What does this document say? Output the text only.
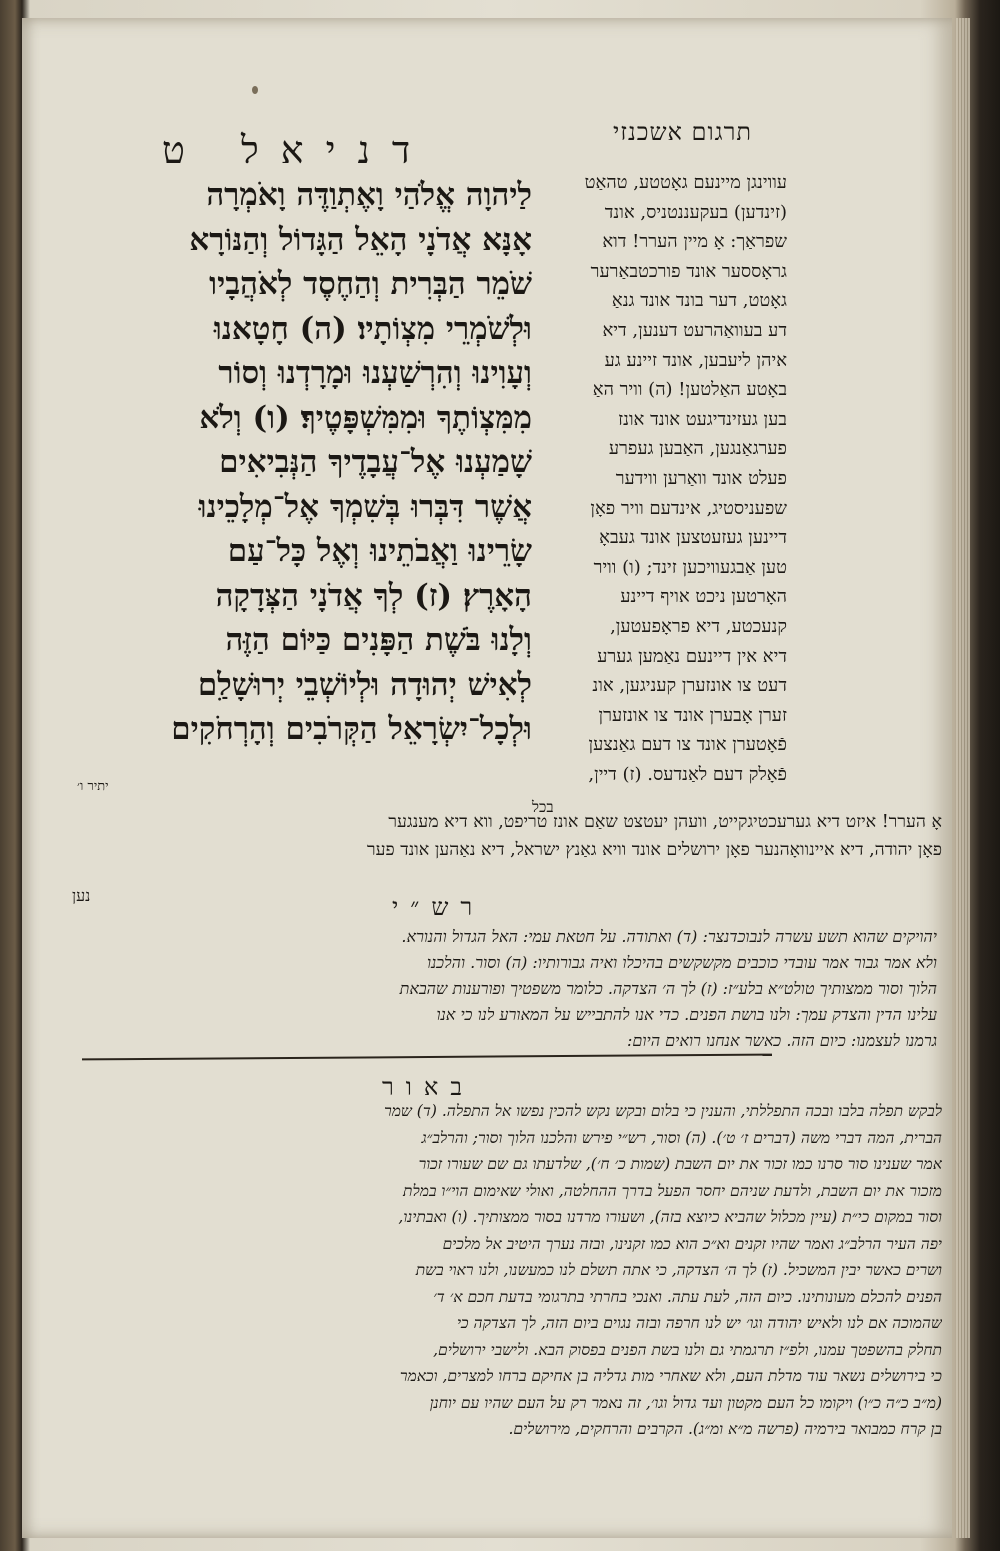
תרגום אשכנזי
דניאל ט
לַיהוָה אֱלֹהַי וָאֶתְוַדֶּה וָאֹמְרָה
אָנָּא אֲדֹנָי הָאֵל הַגָּדוֹל וְהַנּוֹרָא
שֹׁמֵר הַבְּרִית וְהַחֶסֶד לְאֹהֲבָיו
וּלְשֹׁמְרֵי מִצְוֹתָיו׃ (ה) חָטָאנוּ
וְעָוִינוּ וְהִרְשַׁעְנוּ וּמָרָדְנוּ וְסוֹר
מִמִּצְוֹתֶךָ וּמִמִּשְׁפָּטֶיךָ׃ (ו) וְלֹא
שָׁמַעְנוּ אֶל־עֲבָדֶיךָ הַנְּבִיאִים
אֲשֶׁר דִּבְּרוּ בְּשִׁמְךָ אֶל־מְלָכֵינוּ
שָׂרֵינוּ וַאֲבֹתֵינוּ וְאֶל כָּל־עַם
הָאָרֶץ׃ (ז) לְךָ אֲדֹנָי הַצְּדָקָה
וְלָנוּ בֹּשֶׁת הַפָּנִים כַּיּוֹם הַזֶּה
לְאִישׁ יְהוּדָה וּלְיוֹשְׁבֵי יְרוּשָׁלִַם
וּלְכָל־יִשְׂרָאֵל הַקְּרֹבִים וְהָרְחֹקִים
יתיר ו׳
עווינגן מיינעם גאָטטע, טהאַט
(זינדען) בעקעננטניס, אונד
שפראַך: אָ מיין הערר! דוא
גראָססער אונד פורכטבאַרער
גאָטט, דער בונד אונד גנאַ
דע בעוואַהרעט דענען, דיא
איהן ליעבען, אונד זיינע גע
באָטע האַלטען! (ה) וויר האַ
בען געזינדיגעט אונד אונז
פערגאַנגען, האַבען געפרע
פעלט אונד וואַרען ווידער
שפעניסטיג, אינדעם וויר פאָן
דיינען געזעטצען אונד געבאָ
טען אַבגעוויכען זינד; (ו) וויר
האָרטען ניכט אויף דיינע
קנעכטע, דיא פראָפעטען,
דיא אין דיינעם נאַמען גערע
דעט צו אונזערן קעניגען, אונ
זערן אָבערן אונד צו אונזערן
פֿאָטערן אונד צו דעם גאַנצען
פֿאָלק דעם לאַנדעס. (ז) דיין,
בכל
אָ הערר! איזט דיא גערעכטיגקייט, וועהן יעטצט שאַם אונז טריפט, ווא דיא מענגער
פאָן יהודה, דיא איינוואָהנער פאָן ירושלים אונד וויא גאַנץ ישראל, דיא נאַהען אונד פער
נען	רש״י
יהויקים שהוא תשע עשרה לנבוכדנצר: (ד) ואתודה. על חטאת עמי: האל הגדול והנורא.
ולא אמר גבור אמר עובדי כוכבים מקשקשים בהיכלו ואיה גבורותיו: (ה) וסור. והלכנו
הלוך וסור ממצותיך טולט״א בלע״ז: (ז) לך ה׳ הצדקה. כלומר משפטיך ופורענות שהבאת
עלינו הדין והצדק עמך: ולנו בושת הפנים. כדי אנו להתבייש על המאורע לנו כי אנו
גרמנו לעצמנו: כיום הזה. כאשר אנחנו רואים היום:
באור
לבקש תפלה בלבו ובכה התפללתי, והענין כי בלום ובקש נקש להכין נפשו אל התפלה. (ד) שמר
הברית, המה דברי משה (דברים ז׳ ט׳). (ה) וסור, רש״י פירש והלכנו הלוך וסור; והרלב״ג
אמר שענינו סור סרנו כמו זכור את יום השבת (שמות כ׳ ח׳), שלדעתו גם שם שעורו זכור
מזכור את יום השבת, ולדעת שניהם יחסר הפעל בדרך ההחלטה, ואולי שאימום הוי״ו במלת
וסור במקום כי״ת (עיין מכלול שהביא כיוצא בזה), ושעורו מרדנו בסור ממצותיך. (ו) ואבתינו,
יפה העיר הרלב״ג ואמר שהיו זקנים וא״כ הוא כמו זקנינו, ובזה נערך היטיב אל מלכים
ושרים כאשר יבין המשכיל. (ז) לך ה׳ הצדקה, כי אתה תשלם לנו כמעשנו, ולנו ראוי בשת
הפנים להכלם מעונותינו. כיום הזה, לעת עתה. ואנכי בחרתי בתרגומי בדעת חכם א׳ ד׳
שהמוכה אם לנו ולאיש יהודה וגו׳ יש לנו חרפה ובזה נגוים ביום הזה, לך הצדקה כי
תחלק בהשפטך עמנו, ולפ״ז תרגמתי גם ולנו בשת הפנים בפסוק הבא. ולישבי ירושלים,
כי בירושלים נשאר עוד מדלת העם, ולא שאחרי מות גדליה בן אחיקם ברחו למצרים, וכאמר
(מ״ב כ״ה כ״ו) ויקומו כל העם מקטון ועד גדול וגו׳, זה נאמר רק על העם שהיו עם יוחנן
בן קרח כמבואר בירמיה (פרשה מ״א ומ״ג). הקרבים והרחקים, מירושלים.
